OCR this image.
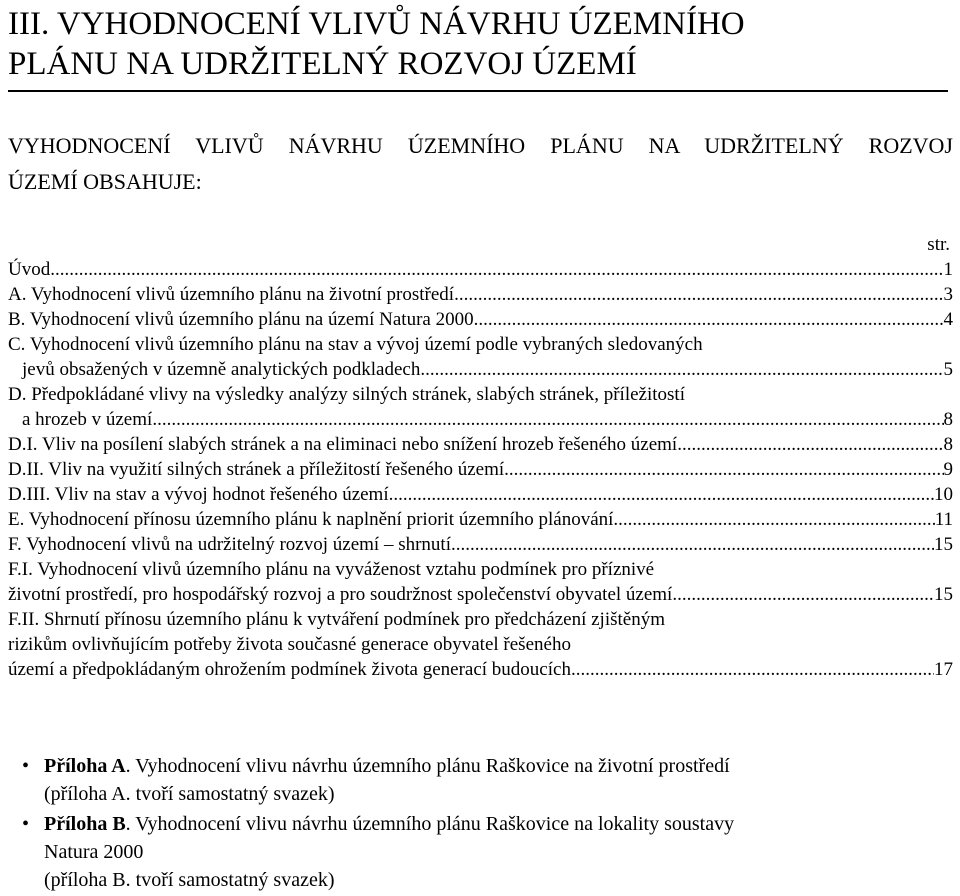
III. VYHODNOCENÍ VLIVŮ NÁVRHU ÚZEMNÍHO
PLÁNU NA UDRŽITELNÝ ROZVOJ ÚZEMÍ
VYHODNOCENÍ VLIVŮ NÁVRHU ÚZEMNÍHO PLÁNU NA UDRŽITELNÝ ROZVOJ
ÚZEMÍ OBSAHUJE:
str.
Úvod .....	1
A. Vyhodnocení vlivů územního plánu na životní prostředí .....	3
B. Vyhodnocení vlivů územního plánu na území Natura 2000 .....	4
C. Vyhodnocení vlivů územního plánu na stav a vývoj území podle vybraných sledovaných
jevů obsažených v územně analytických podkladech .....	5
D. Předpokládané vlivy na výsledky analýzy silných stránek, slabých stránek, příležitostí
a hrozeb v území .....	8
D.I. Vliv na posílení slabých stránek a na eliminaci nebo snížení hrozeb řešeného území .....	8
D.II. Vliv na využití silných stránek a příležitostí řešeného území .....	9
D.III. Vliv na stav a vývoj hodnot řešeného území .....	10
E. Vyhodnocení přínosu územního plánu k naplnění priorit územního plánování .....	11
F. Vyhodnocení vlivů na udržitelný rozvoj území – shrnutí .....	15
F.I. Vyhodnocení vlivů územního plánu na vyváženost vztahu podmínek pro příznivé
životní prostředí, pro hospodářský rozvoj a pro soudržnost společenství obyvatel území .....	15
F.II. Shrnutí přínosu územního plánu k vytváření podmínek pro předcházení zjištěným
rizikům ovlivňujícím potřeby života současné generace obyvatel řešeného
území a předpokládaným ohrožením podmínek života generací budoucích .....	17
• Příloha A. Vyhodnocení vlivu návrhu územního plánu Raškovice na životní prostředí
(příloha A. tvoří samostatný svazek)
• Příloha B. Vyhodnocení vlivu návrhu územního plánu Raškovice na lokality soustavy
Natura 2000
(příloha B. tvoří samostatný svazek)
